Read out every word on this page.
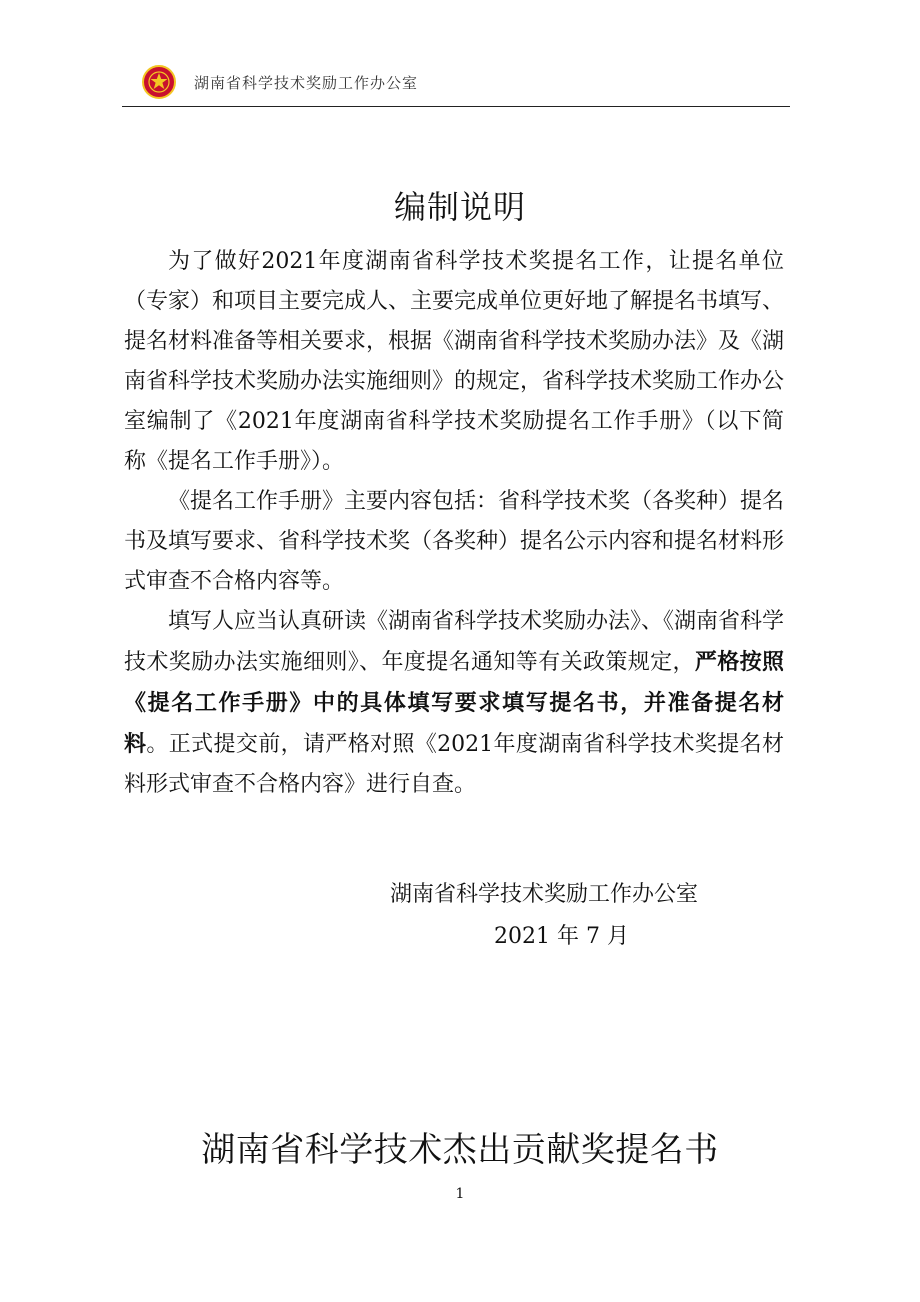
湖南省科学技术奖励工作办公室
编制说明

为了做好2021年度湖南省科学技术奖提名工作，让提名单位（专家）和项目主要完成人、主要完成单位更好地了解提名书填写、提名材料准备等相关要求，根据《湖南省科学技术奖励办法》及《湖南省科学技术奖励办法实施细则》的规定，省科学技术奖励工作办公室编制了《2021年度湖南省科学技术奖励提名工作手册》（以下简称《提名工作手册》）。

《提名工作手册》主要内容包括：省科学技术奖（各奖种）提名书及填写要求、省科学技术奖（各奖种）提名公示内容和提名材料形式审查不合格内容等。

填写人应当认真研读《湖南省科学技术奖励办法》、《湖南省科学技术奖励办法实施细则》、年度提名通知等有关政策规定，严格按照《提名工作手册》中的具体填写要求填写提名书，并准备提名材料。正式提交前，请严格对照《2021年度湖南省科学技术奖提名材料形式审查不合格内容》进行自查。

湖南省科学技术奖励工作办公室
2021 年 7 月
湖南省科学技术杰出贡献奖提名书
1
